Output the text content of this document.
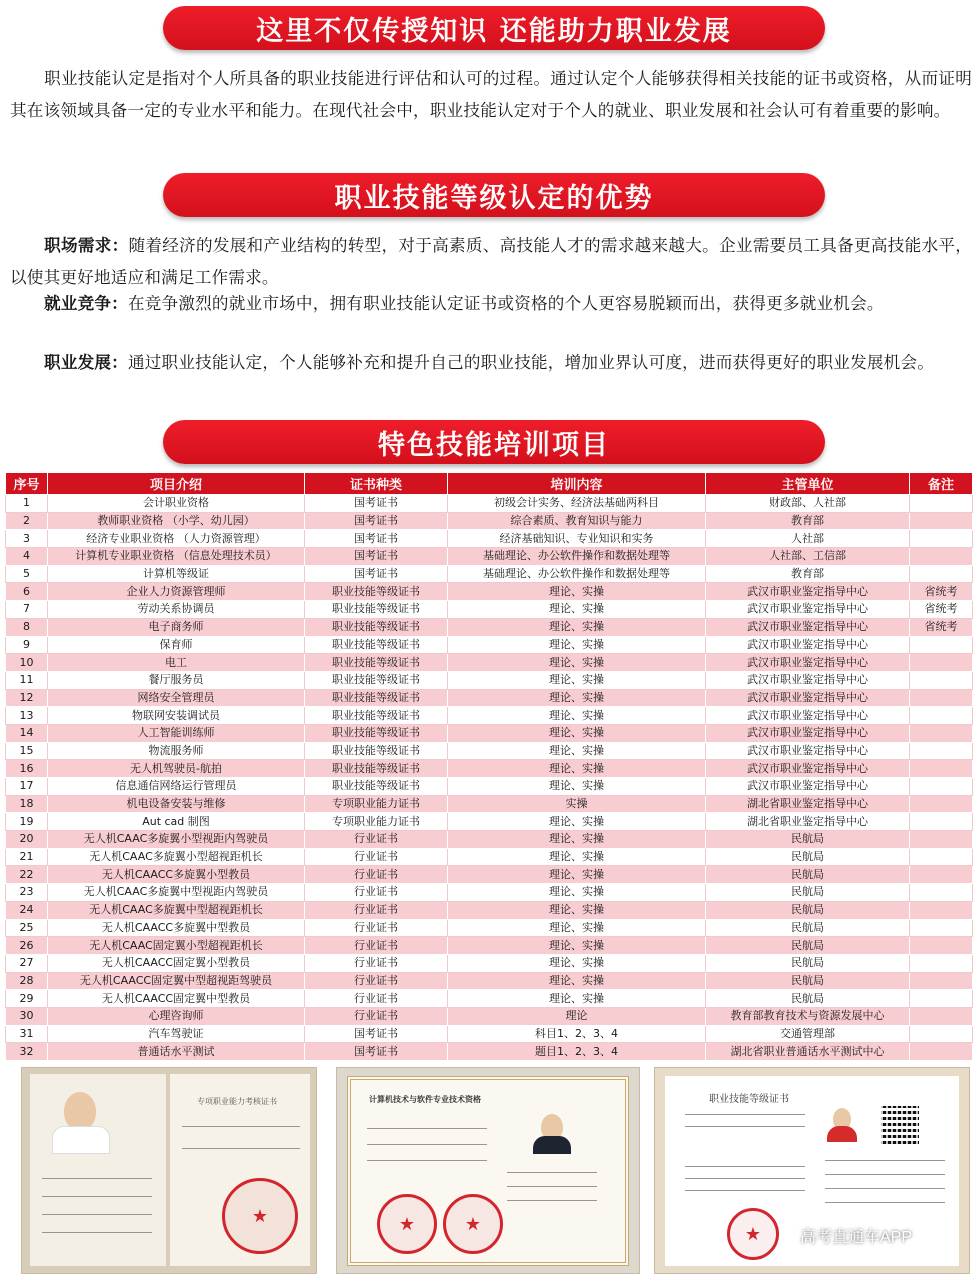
这里不仅传授知识 还能助力职业发展
职业技能认定是指对个人所具备的职业技能进行评估和认可的过程。通过认定个人能够获得相关技能的证书或资格，从而证明其在该领域具备一定的专业水平和能力。在现代社会中，职业技能认定对于个人的就业、职业发展和社会认可有着重要的影响。
职业技能等级认定的优势
职场需求：随着经济的发展和产业结构的转型，对于高素质、高技能人才的需求越来越大。企业需要员工具备更高技能水平，以使其更好地适应和满足工作需求。
就业竞争：在竞争激烈的就业市场中，拥有职业技能认定证书或资格的个人更容易脱颖而出，获得更多就业机会。
职业发展：通过职业技能认定，个人能够补充和提升自己的职业技能，增加业界认可度，进而获得更好的职业发展机会。
特色技能培训项目
序号	项目介绍	证书种类	培训内容	主管单位	备注
1	会计职业资格	国考证书	初级会计实务、经济法基础两科目	财政部、人社部	
2	教师职业资格 （小学、幼儿园）	国考证书	综合素质、教育知识与能力	教育部	
3	经济专业职业资格 （人力资源管理）	国考证书	经济基础知识、专业知识和实务	人社部	
4	计算机专业职业资格 （信息处理技术员）	国考证书	基础理论、办公软件操作和数据处理等	人社部、工信部	
5	计算机等级证	国考证书	基础理论、办公软件操作和数据处理等	教育部	
6	企业人力资源管理师	职业技能等级证书	理论、实操	武汉市职业鉴定指导中心	省统考
7	劳动关系协调员	职业技能等级证书	理论、实操	武汉市职业鉴定指导中心	省统考
8	电子商务师	职业技能等级证书	理论、实操	武汉市职业鉴定指导中心	省统考
9	保育师	职业技能等级证书	理论、实操	武汉市职业鉴定指导中心	
10	电工	职业技能等级证书	理论、实操	武汉市职业鉴定指导中心	
11	餐厅服务员	职业技能等级证书	理论、实操	武汉市职业鉴定指导中心	
12	网络安全管理员	职业技能等级证书	理论、实操	武汉市职业鉴定指导中心	
13	物联网安装调试员	职业技能等级证书	理论、实操	武汉市职业鉴定指导中心	
14	人工智能训练师	职业技能等级证书	理论、实操	武汉市职业鉴定指导中心	
15	物流服务师	职业技能等级证书	理论、实操	武汉市职业鉴定指导中心	
16	无人机驾驶员-航拍	职业技能等级证书	理论、实操	武汉市职业鉴定指导中心	
17	信息通信网络运行管理员	职业技能等级证书	理论、实操	武汉市职业鉴定指导中心	
18	机电设备安装与维修	专项职业能力证书	实操	湖北省职业鉴定指导中心	
19	Aut cad 制图	专项职业能力证书	理论、实操	湖北省职业鉴定指导中心	
20	无人机CAAC多旋翼小型视距内驾驶员	行业证书	理论、实操	民航局	
21	无人机CAAC多旋翼小型超视距机长	行业证书	理论、实操	民航局	
22	无人机CAACC多旋翼小型教员	行业证书	理论、实操	民航局	
23	无人机CAAC多旋翼中型视距内驾驶员	行业证书	理论、实操	民航局	
24	无人机CAAC多旋翼中型超视距机长	行业证书	理论、实操	民航局	
25	无人机CAACC多旋翼中型教员	行业证书	理论、实操	民航局	
26	无人机CAAC固定翼小型超视距机长	行业证书	理论、实操	民航局	
27	无人机CAACC固定翼小型教员	行业证书	理论、实操	民航局	
28	无人机CAACC固定翼中型超视距驾驶员	行业证书	理论、实操	民航局	
29	无人机CAACC固定翼中型教员	行业证书	理论、实操	民航局	
30	心理咨询师	行业证书	理论	教育部教育技术与资源发展中心	
31	汽车驾驶证	国考证书	科目1、2、3、4	交通管理部	
32	普通话水平测试	国考证书	题目1、2、3、4	湖北省职业普通话水平测试中心	
专项职业能力考核证书
★
计算机技术与软件专业技术资格
★	★
职业技能等级证书
★	高考直通车APP
